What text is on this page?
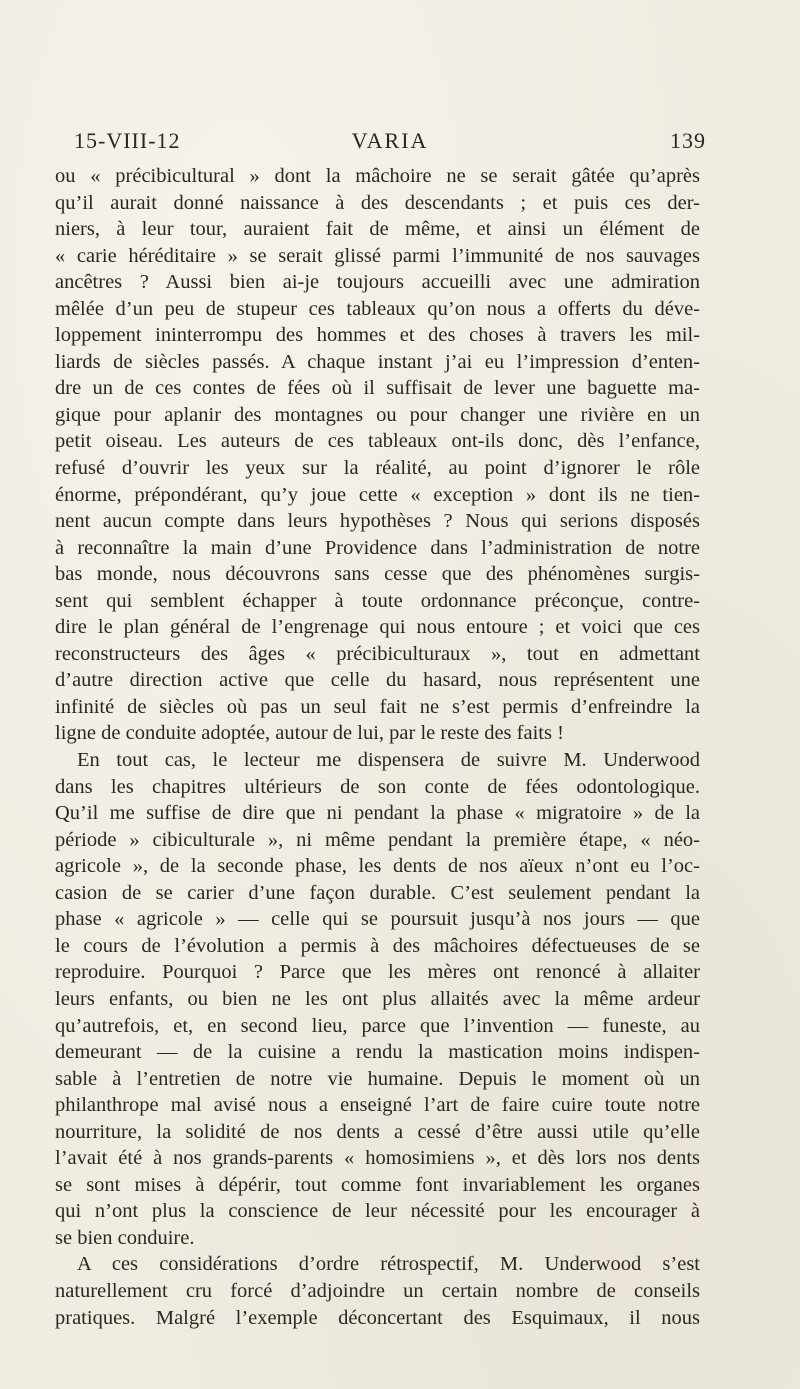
15-VIII-12	VARIA	139
ou « précibicultural » dont la mâchoire ne se serait gâtée qu’après
qu’il aurait donné naissance à des descendants ; et puis ces der-
niers, à leur tour, auraient fait de même, et ainsi un élément de
« carie héréditaire » se serait glissé parmi l’immunité de nos sauvages
ancêtres ? Aussi bien ai-je toujours accueilli avec une admiration
mêlée d’un peu de stupeur ces tableaux qu’on nous a offerts du déve-
loppement ininterrompu des hommes et des choses à travers les mil-
liards de siècles passés. A chaque instant j’ai eu l’impression d’enten-
dre un de ces contes de fées où il suffisait de lever une baguette ma-
gique pour aplanir des montagnes ou pour changer une rivière en un
petit oiseau. Les auteurs de ces tableaux ont-ils donc, dès l’enfance,
refusé d’ouvrir les yeux sur la réalité, au point d’ignorer le rôle
énorme, prépondérant, qu’y joue cette « exception » dont ils ne tien-
nent aucun compte dans leurs hypothèses ? Nous qui serions disposés
à reconnaître la main d’une Providence dans l’administration de notre
bas monde, nous découvrons sans cesse que des phénomènes surgis-
sent qui semblent échapper à toute ordonnance préconçue, contre-
dire le plan général de l’engrenage qui nous entoure ; et voici que ces
reconstructeurs des âges « précibiculturaux », tout en admettant
d’autre direction active que celle du hasard, nous représentent une
infinité de siècles où pas un seul fait ne s’est permis d’enfreindre la
ligne de conduite adoptée, autour de lui, par le reste des faits !
En tout cas, le lecteur me dispensera de suivre M. Underwood
dans les chapitres ultérieurs de son conte de fées odontologique.
Qu’il me suffise de dire que ni pendant la phase « migratoire » de la
période » cibiculturale », ni même pendant la première étape, « néo-
agricole », de la seconde phase, les dents de nos aïeux n’ont eu l’oc-
casion de se carier d’une façon durable. C’est seulement pendant la
phase « agricole » — celle qui se poursuit jusqu’à nos jours — que
le cours de l’évolution a permis à des mâchoires défectueuses de se
reproduire. Pourquoi ? Parce que les mères ont renoncé à allaiter
leurs enfants, ou bien ne les ont plus allaités avec la même ardeur
qu’autrefois, et, en second lieu, parce que l’invention — funeste, au
demeurant — de la cuisine a rendu la mastication moins indispen-
sable à l’entretien de notre vie humaine. Depuis le moment où un
philanthrope mal avisé nous a enseigné l’art de faire cuire toute notre
nourriture, la solidité de nos dents a cessé d’être aussi utile qu’elle
l’avait été à nos grands-parents « homosimiens », et dès lors nos dents
se sont mises à dépérir, tout comme font invariablement les organes
qui n’ont plus la conscience de leur nécessité pour les encourager à
se bien conduire.
A ces considérations d’ordre rétrospectif, M. Underwood s’est
naturellement cru forcé d’adjoindre un certain nombre de conseils
pratiques. Malgré l’exemple déconcertant des Esquimaux, il nous
